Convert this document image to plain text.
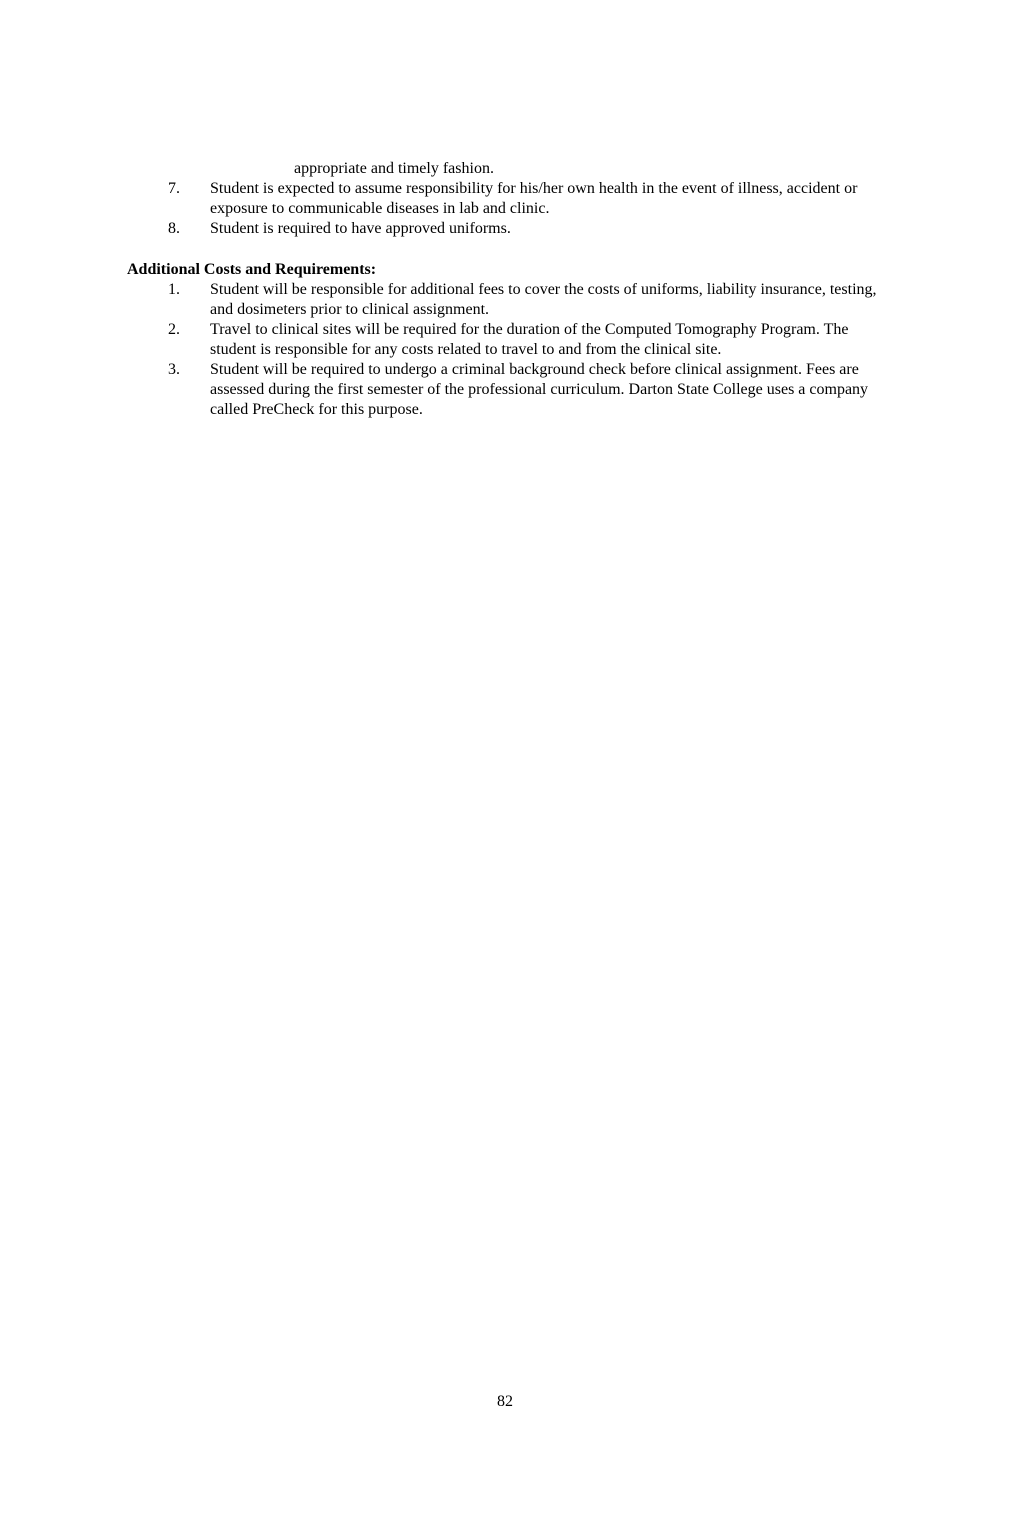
appropriate and timely fashion.
7.	Student is expected to assume responsibility for his/her own health in the event of illness, accident or exposure to communicable diseases in lab and clinic.
8.	Student is required to have approved uniforms.
Additional Costs and Requirements:
1.	Student will be responsible for additional fees to cover the costs of uniforms, liability insurance, testing, and dosimeters prior to clinical assignment.
2.	Travel to clinical sites will be required for the duration of the Computed Tomography Program. The student is responsible for any costs related to travel to and from the clinical site.
3.	Student will be required to undergo a criminal background check before clinical assignment. Fees are assessed during the first semester of the professional curriculum. Darton State College uses a company called PreCheck for this purpose.
82
